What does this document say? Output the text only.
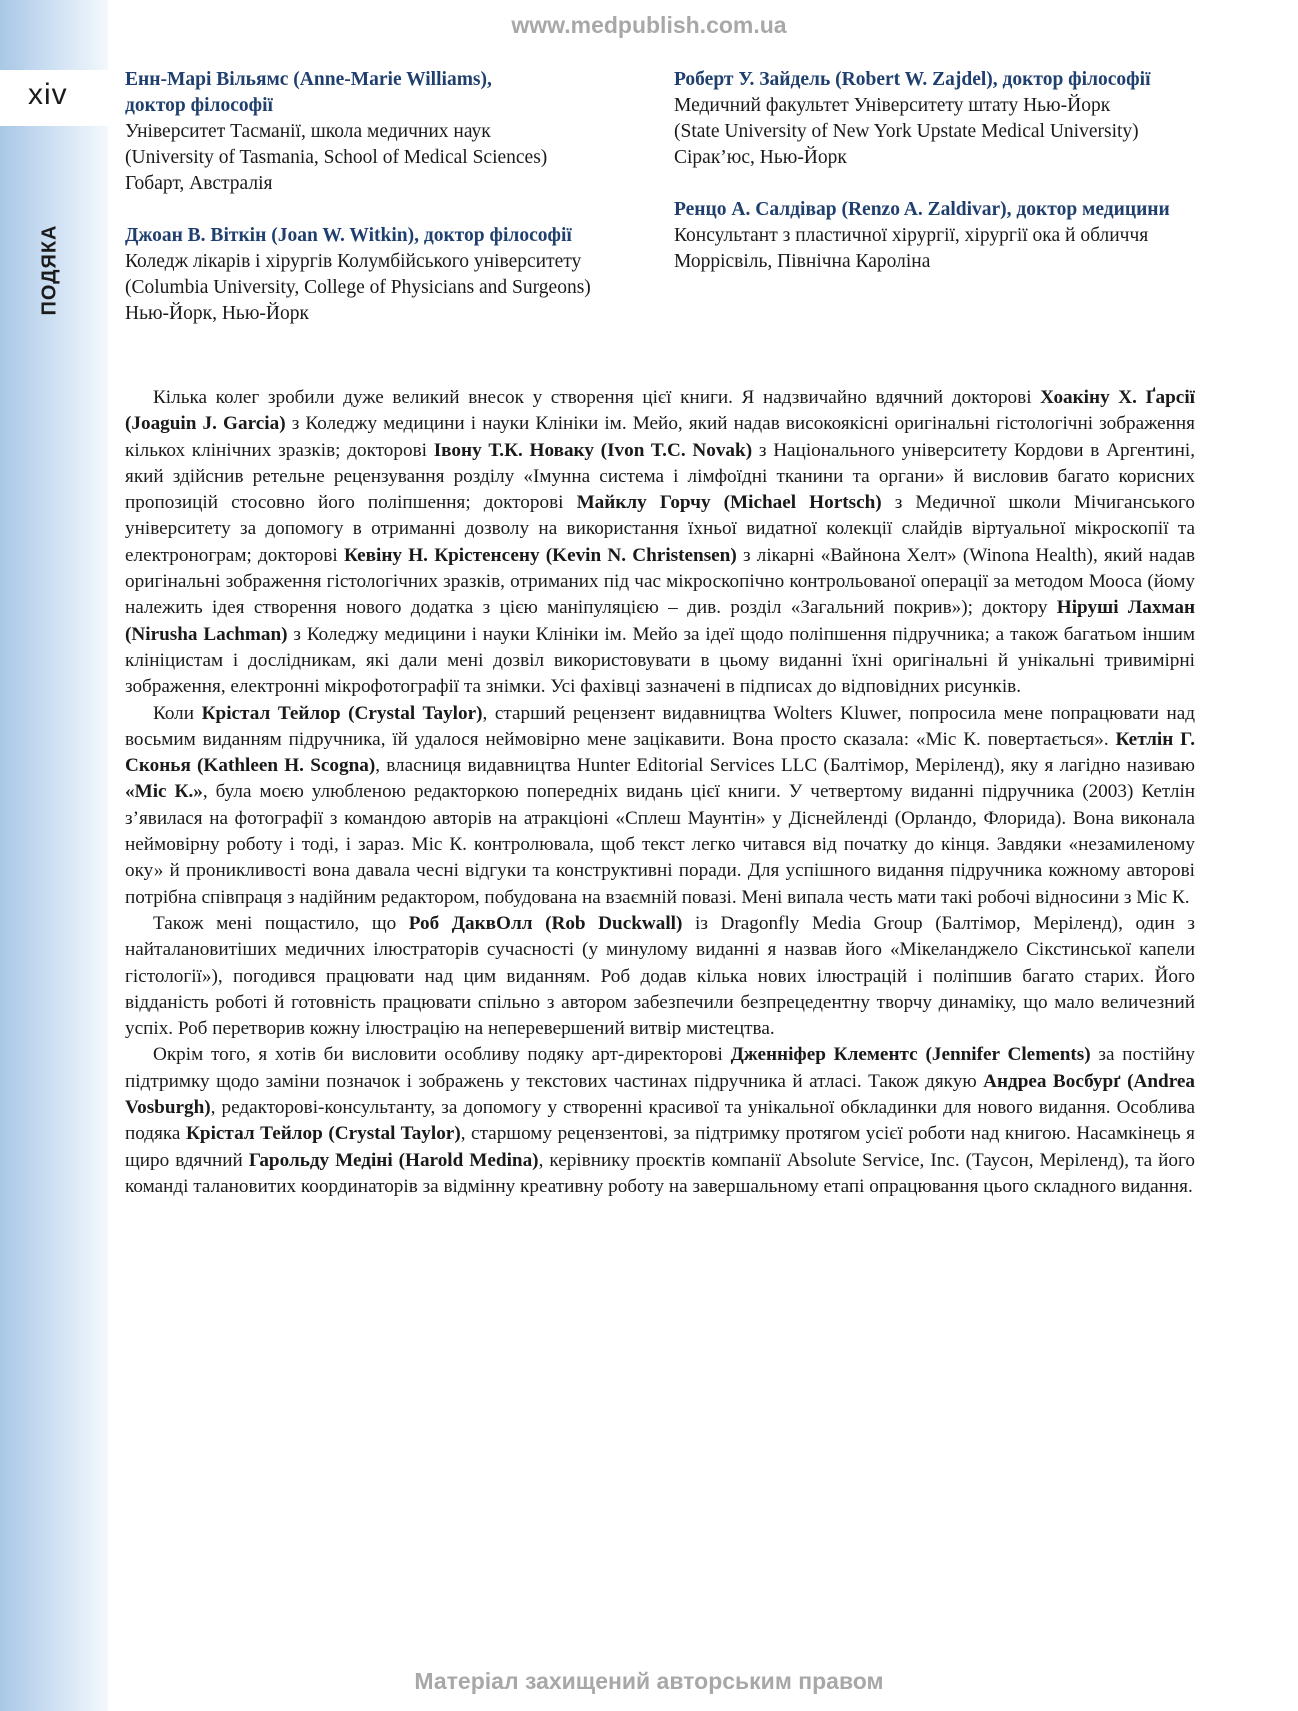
xiv
ПОДЯКА
www.medpublish.com.ua
Енн-Марі Вільямс (Anne-Marie Williams),
доктор філософії
Університет Тасманії, школа медичних наук
(University of Tasmania, School of Medical Sciences)
Гобарт, Австралія
Джоан В. Віткін (Joan W. Witkin), доктор філософії
Коледж лікарів і хірургів Колумбійського університету
(Columbia University, College of Physicians and Surgeons)
Нью-Йорк, Нью-Йорк
Роберт У. Зайдель (Robert W. Zajdel), доктор філософії
Медичний факультет Університету штату Нью-Йорк
(State University of New York Upstate Medical University)
Сірак’юс, Нью-Йорк
Ренцо А. Салдівар (Renzo A. Zaldivar), доктор медицини
Консультант з пластичної хірургії, хірургії ока й обличчя
Моррісвіль, Північна Кароліна

Кілька колег зробили дуже великий внесок у створення цієї книги. Я надзвичайно вдячний докторові Хоакіну Х. Ґарсії (Joaguin J. Garcia) з Коледжу медицини і науки Клініки ім. Мейо, який надав високоякісні оригінальні гістологічні зображення кількох клінічних зразків; докторові Івону Т.К. Новаку (Ivon T.C. Novak) з Національного університету Кордови в Аргентині, який здійснив ретельне рецензування розділу «Імунна система і лімфоїдні тканини та органи» й висловив багато корисних пропозицій стосовно його поліпшення; докторові Майклу Горчу (Michael Hortsch) з Медичної школи Мічиганського університету за допомогу в отриманні дозволу на використання їхньої видатної колекції слайдів віртуальної мікроскопії та електронограм; докторові Кевіну Н. Крістенсену (Kevin N. Christensen) з лікарні «Вайнона Хелт» (Winona Health), який надав оригінальні зображення гістологічних зразків, отриманих під час мікроскопічно контрольованої операції за методом Мооса (йому належить ідея створення нового додатка з цією маніпуляцією – див. розділ «Загальний покрив»); доктору Ніруші Лахман (Nirusha Lachman) з Коледжу медицини і науки Клініки ім. Мейо за ідеї щодо поліпшення підручника; а також багатьом іншим клініцистам і дослідникам, які дали мені дозвіл використовувати в цьому виданні їхні оригінальні й унікальні тривимірні зображення, електронні мікрофотографії та знімки. Усі фахівці зазначені в підписах до відповідних рисунків.

Коли Крістал Тейлор (Crystal Taylor), старший рецензент видавництва Wolters Kluwer, попросила мене попрацювати над восьмим виданням підручника, їй удалося неймовірно мене зацікавити. Вона просто сказала: «Міс К. повертається». Кетлін Г. Сконья (Kathleen H. Scogna), власниця видавництва Hunter Editorial Services LLC (Балтімор, Меріленд), яку я лагідно називаю «Міс К.», була моєю улюбленою редакторкою попередніх видань цієї книги. У четвертому виданні підручника (2003) Кетлін з’явилася на фотографії з командою авторів на атракціоні «Сплеш Маунтін» у Діснейленді (Орландо, Флорида). Вона виконала неймовірну роботу і тоді, і зараз. Міс К. контролювала, щоб текст легко читався від початку до кінця. Завдяки «незамиленому оку» й проникливості вона давала чесні відгуки та конструктивні поради. Для успішного видання підручника кожному авторові потрібна співпраця з надійним редактором, побудована на взаємній повазі. Мені випала честь мати такі робочі відносини з Міс К.

Також мені пощастило, що Роб ДаквОлл (Rob Duckwall) із Dragonfly Media Group (Балтімор, Меріленд), один з найталановитіших медичних ілюстраторів сучасності (у минулому виданні я назвав його «Мікеланджело Сікстинської капели гістології»), погодився працювати над цим виданням. Роб додав кілька нових ілюстрацій і поліпшив багато старих. Його відданість роботі й готовність працювати спільно з автором забезпечили безпрецедентну творчу динаміку, що мало величезний успіх. Роб перетворив кожну ілюстрацію на неперевершений витвір мистецтва.

Окрім того, я хотів би висловити особливу подяку арт-директорові Дженніфер Клементс (Jennifer Clements) за постійну підтримку щодо заміни позначок і зображень у текстових частинах підручника й атласі. Також дякую Андреа Восбурґ (Andrea Vosburgh), редакторові-консультанту, за допомогу у створенні красивої та унікальної обкладинки для нового видання. Особлива подяка Крістал Тейлор (Crystal Taylor), старшому рецензентові, за підтримку протягом усієї роботи над книгою. Насамкінець я щиро вдячний Гарольду Медіні (Harold Medina), керівнику проєктів компанії Absolute Service, Inc. (Таусон, Меріленд), та його команді талановитих координаторів за відмінну креативну роботу на завершальному етапі опрацювання цього складного видання.

Матеріал захищений авторським правом
